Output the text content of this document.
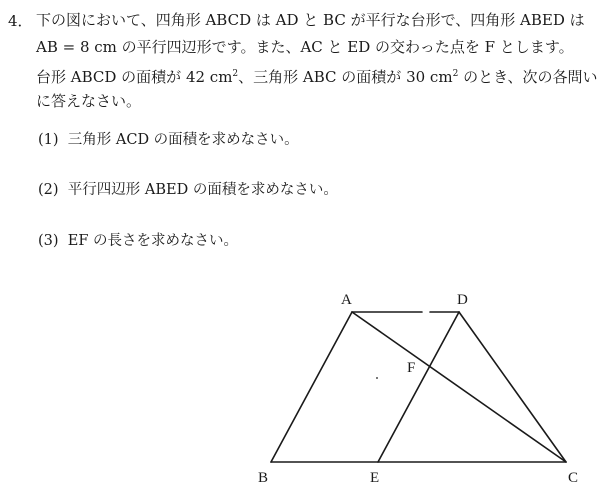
4． 下の図において、四角形 ABCD は AD と BC が平行な台形で、四角形 ABED は
AB = 8 cm の平行四辺形です。また、AC と ED の交わった点を F とします。
台形 ABCD の面積が 42 $cm^2$、三角形 ABC の面積が 30 $cm^2$ のとき、次の各問い
に答えなさい。
(1) 三角形 ACD の面積を求めなさい。
(2) 平行四辺形 ABED の面積を求めなさい。
(3) EF の長さを求めなさい。
A	D
F
B	E	C
